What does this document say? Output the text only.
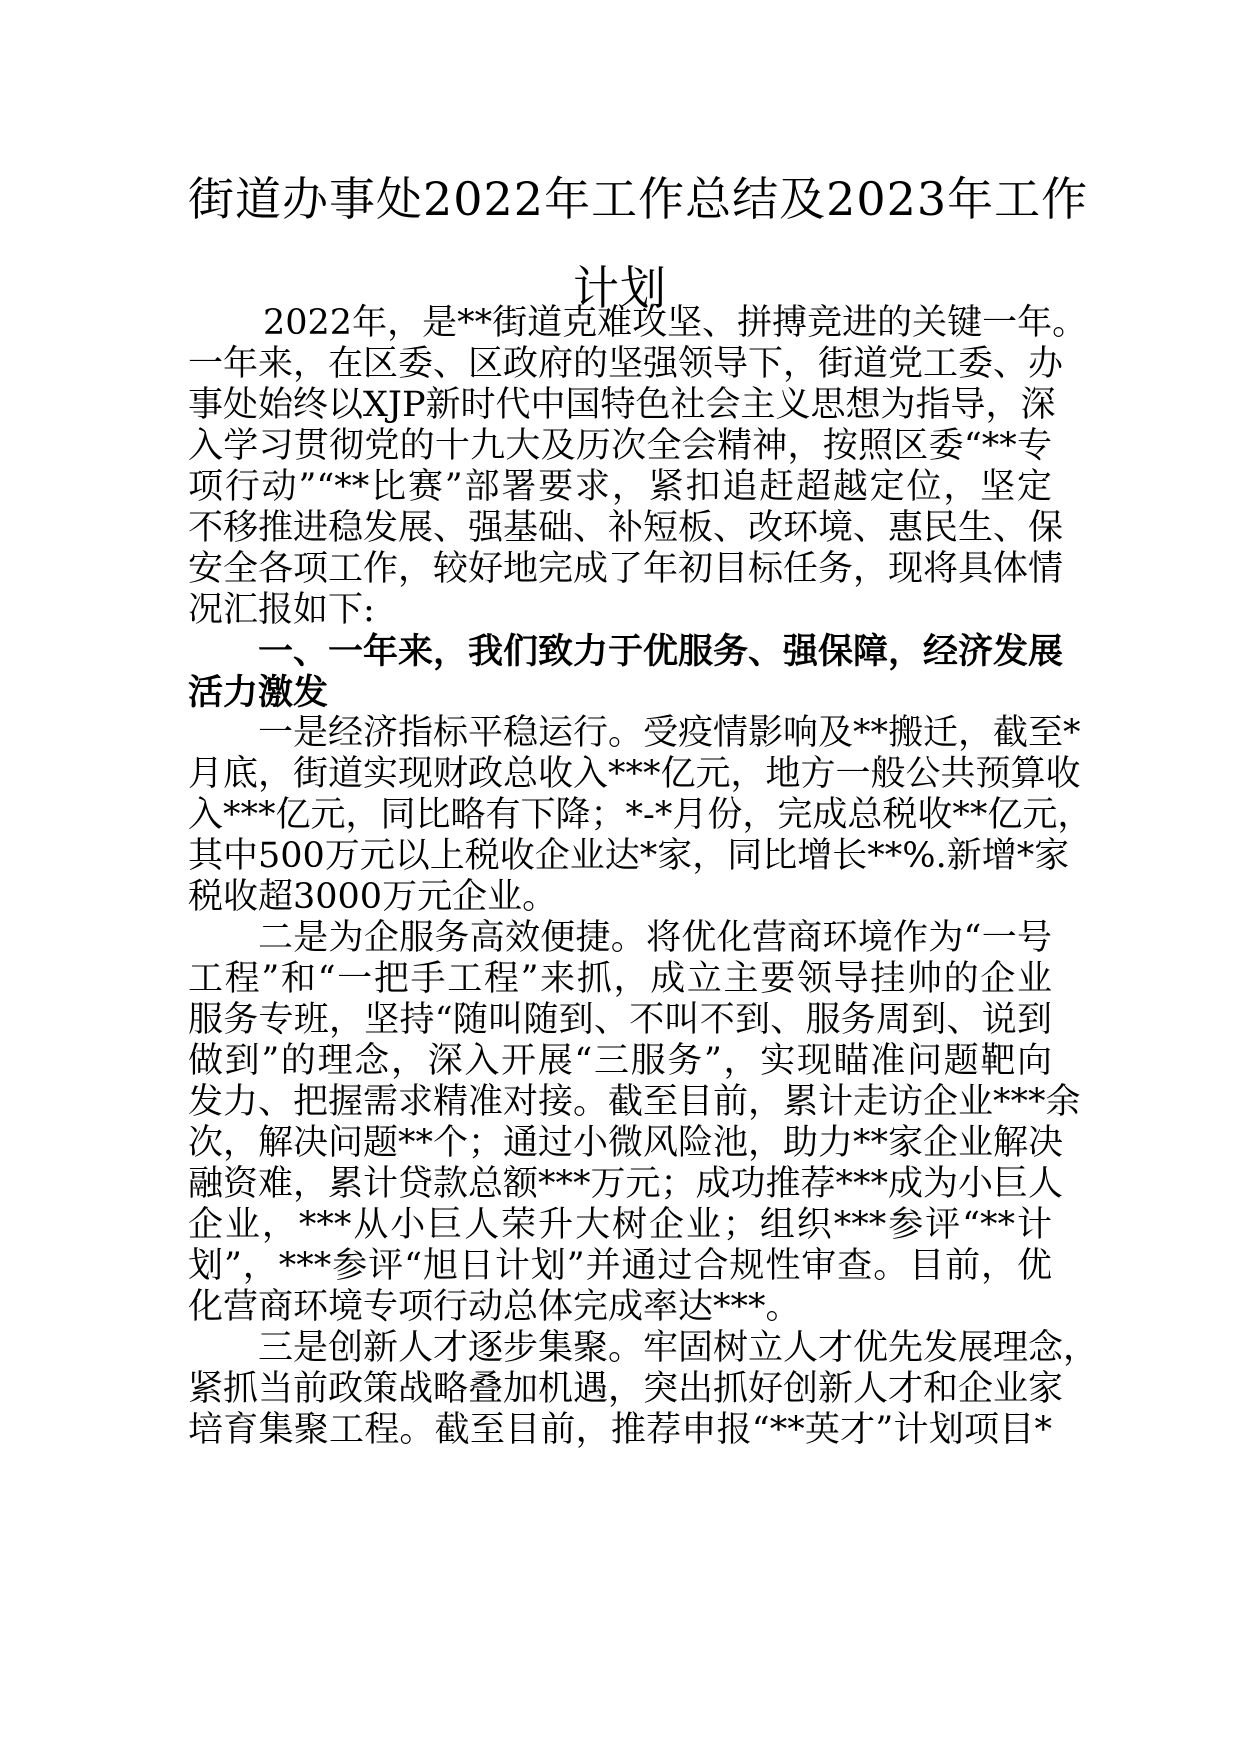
街道办事处2022年工作总结及2023年工作
计划
2022年，是**街道克难攻坚、拼搏竞进的关键一年。
一年来，在区委、区政府的坚强领导下，街道党工委、办
事处始终以XJP新时代中国特色社会主义思想为指导，深
入学习贯彻党的十九大及历次全会精神，按照区委“**专
项行动”“**比赛”部署要求，紧扣追赶超越定位，坚定
不移推进稳发展、强基础、补短板、改环境、惠民生、保
安全各项工作，较好地完成了年初目标任务，现将具体情
况汇报如下:
一、一年来，我们致力于优服务、强保障，经济发展
活力激发
一是经济指标平稳运行。受疫情影响及**搬迁，截至*
月底，街道实现财政总收入***亿元，地方一般公共预算收
入***亿元，同比略有下降；*-*月份，完成总税收**亿元，
其中500万元以上税收企业达*家，同比增长**%.新增*家
税收超3000万元企业。
二是为企服务高效便捷。将优化营商环境作为“一号
工程”和“一把手工程”来抓，成立主要领导挂帅的企业
服务专班，坚持“随叫随到、不叫不到、服务周到、说到
做到”的理念，深入开展“三服务”，实现瞄准问题靶向
发力、把握需求精准对接。截至目前，累计走访企业***余
次，解决问题**个；通过小微风险池，助力**家企业解决
融资难，累计贷款总额***万元；成功推荐***成为小巨人
企业，***从小巨人荣升大树企业；组织***参评“**计
划”，***参评“旭日计划”并通过合规性审查。目前，优
化营商环境专项行动总体完成率达***。
三是创新人才逐步集聚。牢固树立人才优先发展理念，
紧抓当前政策战略叠加机遇，突出抓好创新人才和企业家
培育集聚工程。截至目前，推荐申报“**英才”计划项目*
